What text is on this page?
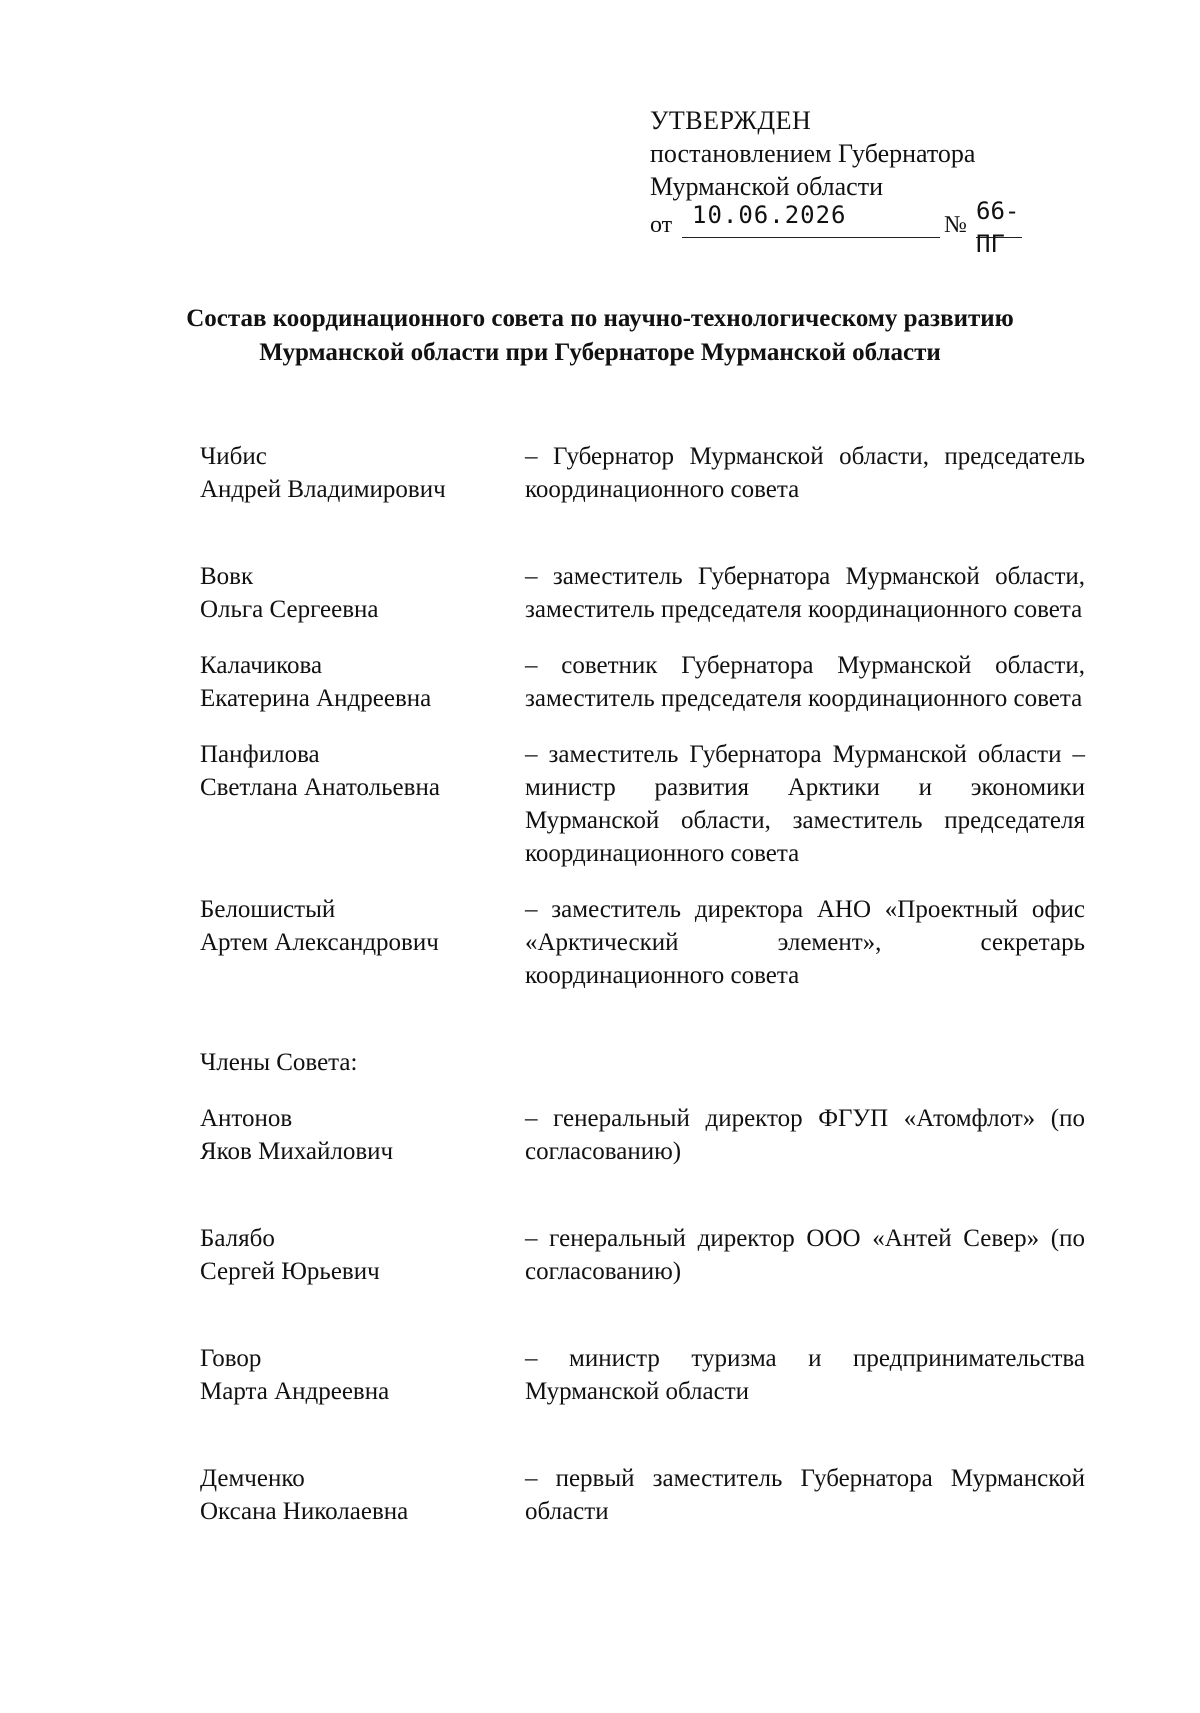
УТВЕРЖДЕН
постановлением Губернатора
Мурманской области
от 10.06.2026	№ 66-ПГ
Состав координационного совета по научно-технологическому развитию
Мурманской области при Губернаторе Мурманской области
Чибис
Андрей Владимирович
– Губернатор Мурманской области, председатель координационного совета
Вовк
Ольга Сергеевна
– заместитель Губернатора Мурманской области, заместитель председателя координационного совета
Калачикова
Екатерина Андреевна
– советник Губернатора Мурманской области, заместитель председателя координационного совета
Панфилова
Светлана Анатольевна
– заместитель Губернатора Мурманской области – министр развития Арктики и экономики Мурманской области, заместитель председателя координационного совета
Белошистый
Артем Александрович
– заместитель директора АНО «Проектный офис «Арктический элемент», секретарь координационного совета
Члены Совета:
Антонов
Яков Михайлович
– генеральный директор ФГУП «Атомфлот» (по согласованию)
Балябо
Сергей Юрьевич
– генеральный директор ООО «Антей Север» (по согласованию)
Говор
Марта Андреевна
– министр туризма и предпринимательства Мурманской области
Демченко
Оксана Николаевна
– первый заместитель Губернатора Мурманской области
